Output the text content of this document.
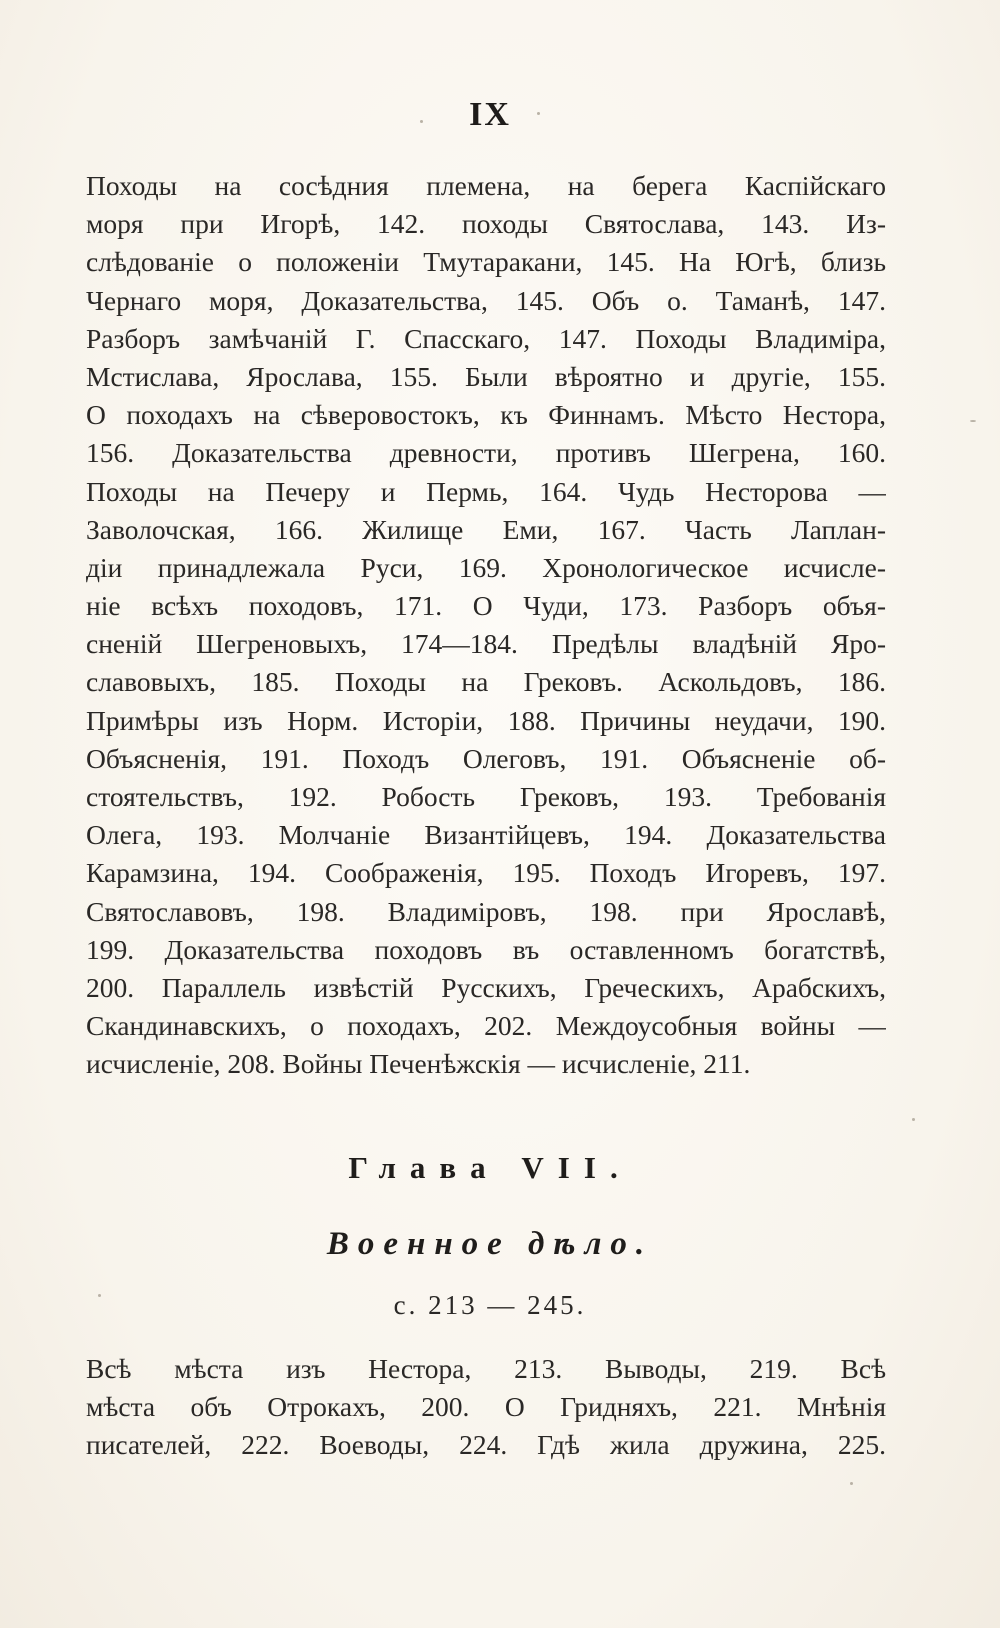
IX
Походы на сосѣдния племена, на берега Каспійскаго
моря при Игорѣ, 142. походы Святослава, 143. Из-
слѣдованіе о положеніи Тмутаракани, 145. На Югѣ, близь
Чернаго моря, Доказательства, 145. Объ о. Таманѣ, 147.
Разборъ замѣчаній Г. Спасскаго, 147. Походы Владиміра,
Мстислава, Ярослава, 155. Были вѣроятно и другіе, 155.
О походахъ на сѣверовостокъ, къ Финнамъ. Мѣсто Нестора,
156. Доказательства древности, противъ Шегрена, 160.
Походы на Печеру и Пермь, 164. Чудь Несторова —
Заволочская, 166. Жилище Еми, 167. Часть Лаплан-
діи принадлежала Руси, 169. Хронологическое исчисле-
ніе всѣхъ походовъ, 171. О Чуди, 173. Разборъ объя-
сненій Шегреновыхъ, 174—184. Предѣлы владѣній Яро-
славовыхъ, 185. Походы на Грековъ. Аскольдовъ, 186.
Примѣры изъ Норм. Исторіи, 188. Причины неудачи, 190.
Объясненія, 191. Походъ Олеговъ, 191. Объясненіе об-
стоятельствъ, 192. Робость Грековъ, 193. Требованія
Олега, 193. Молчаніе Византійцевъ, 194. Доказательства
Карамзина, 194. Соображенія, 195. Походъ Игоревъ, 197.
Святославовъ, 198. Владиміровъ, 198. при Ярославѣ,
199. Доказательства походовъ въ оставленномъ богатствѣ,
200. Параллель извѣстій Русскихъ, Греческихъ, Арабскихъ,
Скандинавскихъ, о походахъ, 202. Междоусобныя войны —
исчисленіе, 208. Войны Печенѣжскія — исчисленіе, 211.
Глава VII.
Военное дѣло.
с. 213 — 245.
Всѣ мѣста изъ Нестора, 213. Выводы, 219. Всѣ
мѣста объ Отрокахъ, 200. О Гридняхъ, 221. Мнѣнія
писателей, 222. Воеводы, 224. Гдѣ жила дружина, 225.
